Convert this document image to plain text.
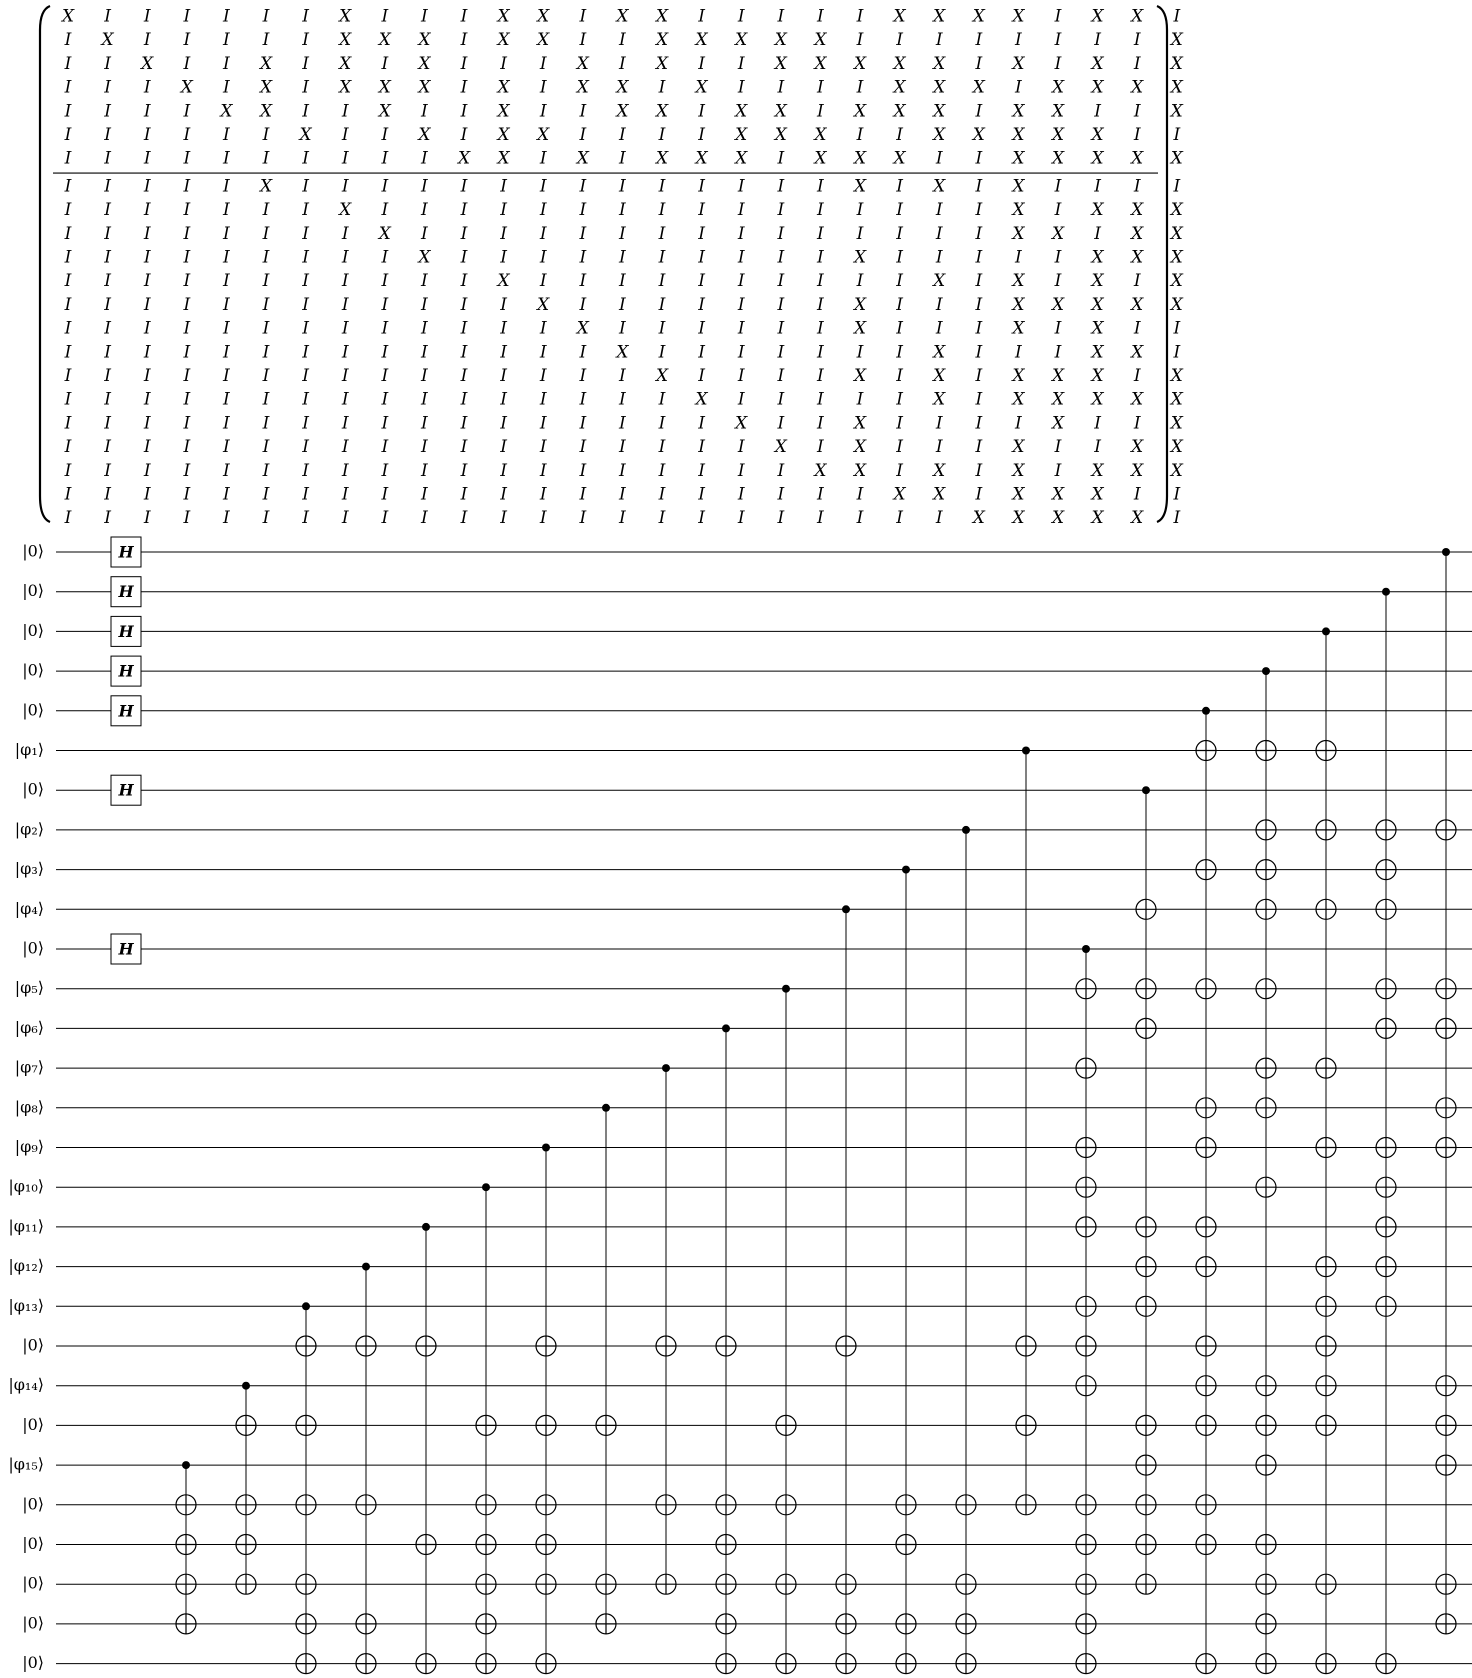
X I I I I I I X I I I X X I X X I I I I I X X X X I X X I
I X I I I I I X X X I X X I I X X X X X I I I I I I I I X
I I X I I X I X I X I I I X I X I I X X X X X I X I X I X
I I I X I X I X X X I X I X X I X I I I I X X X I X X X X
I I I I X X I I X I I X I I X X I X X I X X X I X X I I X
I I I I I I X I I X I X X I I I I X X X I I X X X X X I I
I I I I I I I I I I X X I X I X X X I X X X I I X X X X X
I I I I I X I I I I I I I I I I I I I I X I X I X I I I I
I I I I I I I X I I I I I I I I I I I I I I I I X I X X X
I I I I I I I I X I I I I I I I I I I I I I I I X X I X X
I I I I I I I I I X I I I I I I I I I I X I I I I I X X X
I I I I I I I I I I I X I I I I I I I I I I X I X I X I X
I I I I I I I I I I I I X I I I I I I I X I I I X X X X X
I I I I I I I I I I I I I X I I I I I I X I I I X I X I I
I I I I I I I I I I I I I I X I I I I I I I X I I I X X I
I I I I I I I I I I I I I I I X I I I I X I X I X X X I X
I I I I I I I I I I I I I I I I X I I I I I X I X X X X X
I I I I I I I I I I I I I I I I I X I I X I I I I X I I X
I I I I I I I I I I I I I I I I I I X I X I I I X I I X X
I I I I I I I I I I I I I I I I I I I X X I X I X I X X X
I I I I I I I I I I I I I I I I I I I I I X X I X X X I I
I I I I I I I I I I I I I I I I I I I I I I I X X X X X I
|0⟩
|0⟩
|0⟩
|0⟩
|0⟩
|φ₁⟩
|0⟩
|φ₂⟩
|φ₃⟩
|φ₄⟩
|0⟩
|φ₅⟩
|φ₆⟩
|φ₇⟩
|φ₈⟩
|φ₉⟩
|φ₁₀⟩
|φ₁₁⟩
|φ₁₂⟩
|φ₁₃⟩
|0⟩
|φ₁₄⟩
|0⟩
|φ₁₅⟩
|0⟩
|0⟩
|0⟩
|0⟩
|0⟩
H
H
H
H
H
H
H
